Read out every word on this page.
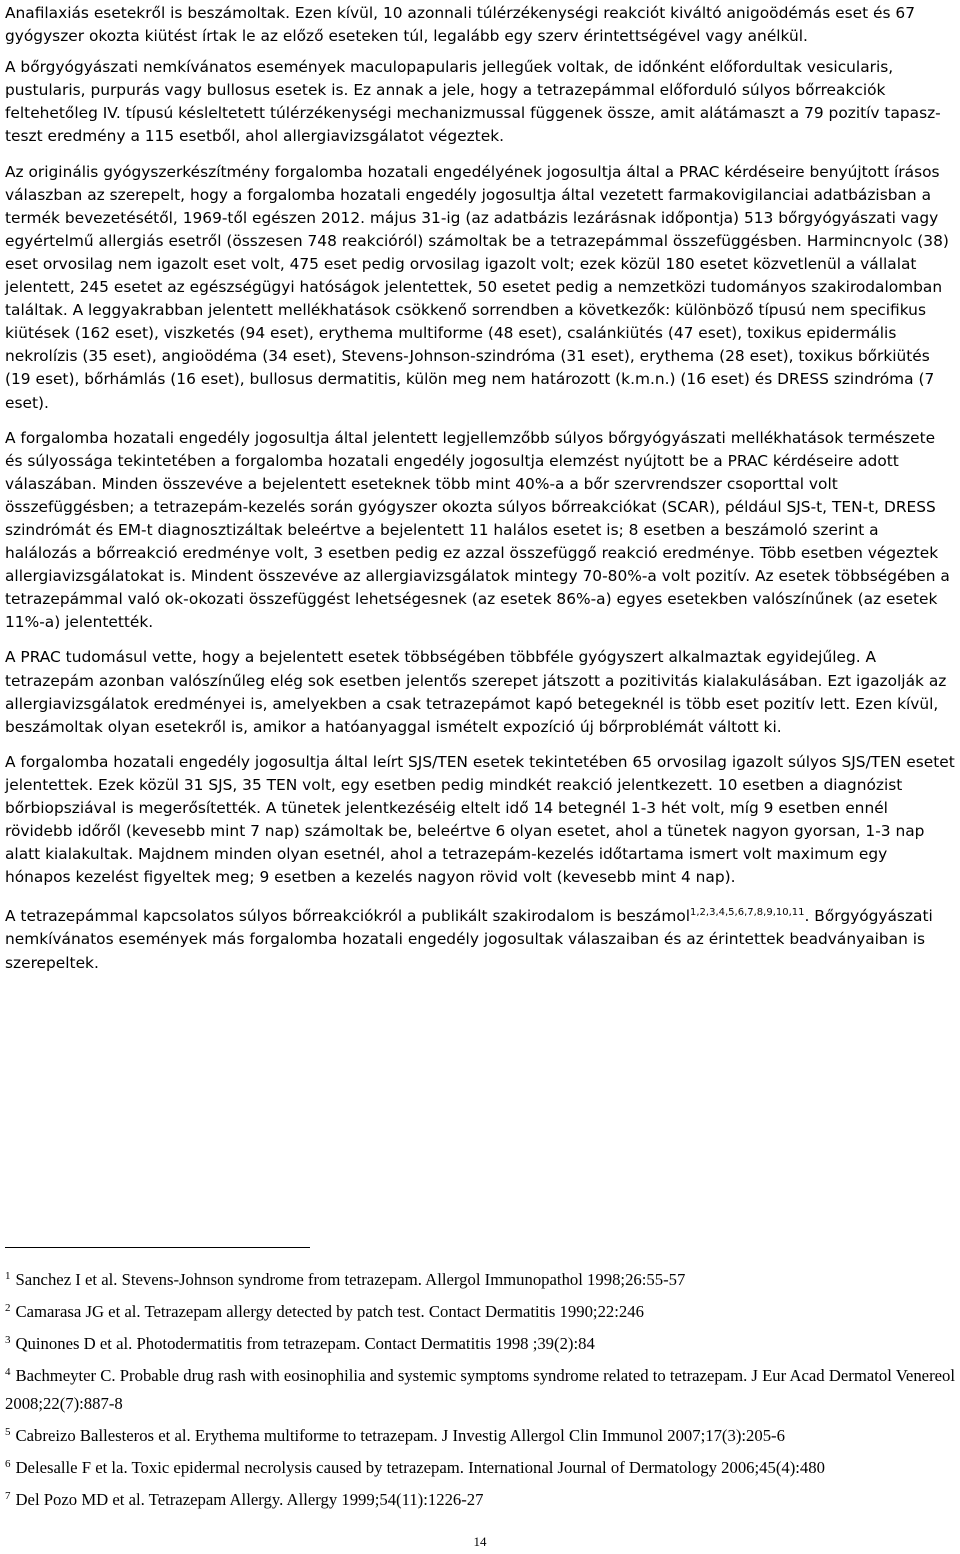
Anafilaxiás esetekről is beszámoltak. Ezen kívül, 10 azonnali túlérzékenységi reakciót kiváltó anigoödémás eset és 67 gyógyszer okozta kiütést írtak le az előző eseteken túl, legalább egy szerv érintettségével vagy anélkül.

A bőrgyógyászati nemkívánatos események maculopapularis jellegűek voltak, de időnként előfordultak vesicularis, pustularis, purpurás vagy bullosus esetek is. Ez annak a jele, hogy a tetrazepámmal előforduló súlyos bőrreakciók feltehetőleg IV. típusú késleltetett túlérzékenységi mechanizmussal függenek össze, amit alátámaszt a 79 pozitív tapasz-teszt eredmény a 115 esetből, ahol allergiavizsgálatot végeztek.

Az originális gyógyszerkészítmény forgalomba hozatali engedélyének jogosultja által a PRAC kérdéseire benyújtott írásos válaszban az szerepelt, hogy a forgalomba hozatali engedély jogosultja által vezetett farmakovigilanciai adatbázisban a termék bevezetésétől, 1969-től egészen 2012. május 31-ig (az adatbázis lezárásnak időpontja) 513 bőrgyógyászati vagy egyértelmű allergiás esetről (összesen 748 reakcióról) számoltak be a tetrazepámmal összefüggésben. Harmincnyolc (38) eset orvosilag nem igazolt eset volt, 475 eset pedig orvosilag igazolt volt; ezek közül 180 esetet közvetlenül a vállalat jelentett, 245 esetet az egészségügyi hatóságok jelentettek, 50 esetet pedig a nemzetközi tudományos szakirodalomban találtak. A leggyakrabban jelentett mellékhatások csökkenő sorrendben a következők: különböző típusú nem specifikus kiütések (162 eset), viszketés (94 eset), erythema multiforme (48 eset), csalánkiütés (47 eset), toxikus epidermális nekrolízis (35 eset), angioödéma (34 eset), Stevens-Johnson-szindróma (31 eset), erythema (28 eset), toxikus bőrkiütés (19 eset), bőrhámlás (16 eset), bullosus dermatitis, külön meg nem határozott (k.m.n.) (16 eset) és DRESS szindróma (7 eset).

A forgalomba hozatali engedély jogosultja által jelentett legjellemzőbb súlyos bőrgyógyászati mellékhatások természete és súlyossága tekintetében a forgalomba hozatali engedély jogosultja elemzést nyújtott be a PRAC kérdéseire adott válaszában. Minden összevéve a bejelentett eseteknek több mint 40%-a a bőr szervrendszer csoporttal volt összefüggésben; a tetrazepám-kezelés során gyógyszer okozta súlyos bőrreakciókat (SCAR), például SJS-t, TEN-t, DRESS szindrómát és EM-t diagnosztizáltak beleértve a bejelentett 11 halálos esetet is; 8 esetben a beszámoló szerint a halálozás a bőrreakció eredménye volt, 3 esetben pedig ez azzal összefüggő reakció eredménye. Több esetben végeztek allergiavizsgálatokat is. Mindent összevéve az allergiavizsgálatok mintegy 70-80%-a volt pozitív. Az esetek többségében a tetrazepámmal való ok-okozati összefüggést lehetségesnek (az esetek 86%-a) egyes esetekben valószínűnek (az esetek 11%-a) jelentették.

A PRAC tudomásul vette, hogy a bejelentett esetek többségében többféle gyógyszert alkalmaztak egyidejűleg. A tetrazepám azonban valószínűleg elég sok esetben jelentős szerepet játszott a pozitivitás kialakulásában. Ezt igazolják az allergiavizsgálatok eredményei is, amelyekben a csak tetrazepámot kapó betegeknél is több eset pozitív lett. Ezen kívül, beszámoltak olyan esetekről is, amikor a hatóanyaggal ismételt expozíció új bőrproblémát váltott ki.

A forgalomba hozatali engedély jogosultja által leírt SJS/TEN esetek tekintetében 65 orvosilag igazolt súlyos SJS/TEN esetet jelentettek. Ezek közül 31 SJS, 35 TEN volt, egy esetben pedig mindkét reakció jelentkezett. 10 esetben a diagnózist bőrbiopsziával is megerősítették. A tünetek jelentkezéséig eltelt idő 14 betegnél 1-3 hét volt, míg 9 esetben ennél rövidebb időről (kevesebb mint 7 nap) számoltak be, beleértve 6 olyan esetet, ahol a tünetek nagyon gyorsan, 1-3 nap alatt kialakultak. Majdnem minden olyan esetnél, ahol a tetrazepám-kezelés időtartama ismert volt maximum egy hónapos kezelést figyeltek meg; 9 esetben a kezelés nagyon rövid volt (kevesebb mint 4 nap).

A tetrazepámmal kapcsolatos súlyos bőrreakciókról a publikált szakirodalom is beszámol$^{1,2,3,4,5,6,7,8,9,10,11}$. Bőrgyógyászati nemkívánatos események más forgalomba hozatali engedély jogosultak válaszaiban és az érintettek beadványaiban is szerepeltek.

$^1$ Sanchez I et al. Stevens-Johnson syndrome from tetrazepam. Allergol Immunopathol 1998;26:55-57

$^2$ Camarasa JG et al. Tetrazepam allergy detected by patch test. Contact Dermatitis 1990;22:246

$^3$ Quinones D et al. Photodermatitis from tetrazepam. Contact Dermatitis 1998 ;39(2):84

$^4$ Bachmeyter C. Probable drug rash with eosinophilia and systemic symptoms syndrome related to tetrazepam. J Eur Acad Dermatol Venereol 2008;22(7):887-8

$^5$ Cabreizo Ballesteros et al. Erythema multiforme to tetrazepam. J Investig Allergol Clin Immunol 2007;17(3):205-6

$^6$ Delesalle F et la. Toxic epidermal necrolysis caused by tetrazepam. International Journal of Dermatology 2006;45(4):480

$^7$ Del Pozo MD et al. Tetrazepam Allergy. Allergy 1999;54(11):1226-27

14
